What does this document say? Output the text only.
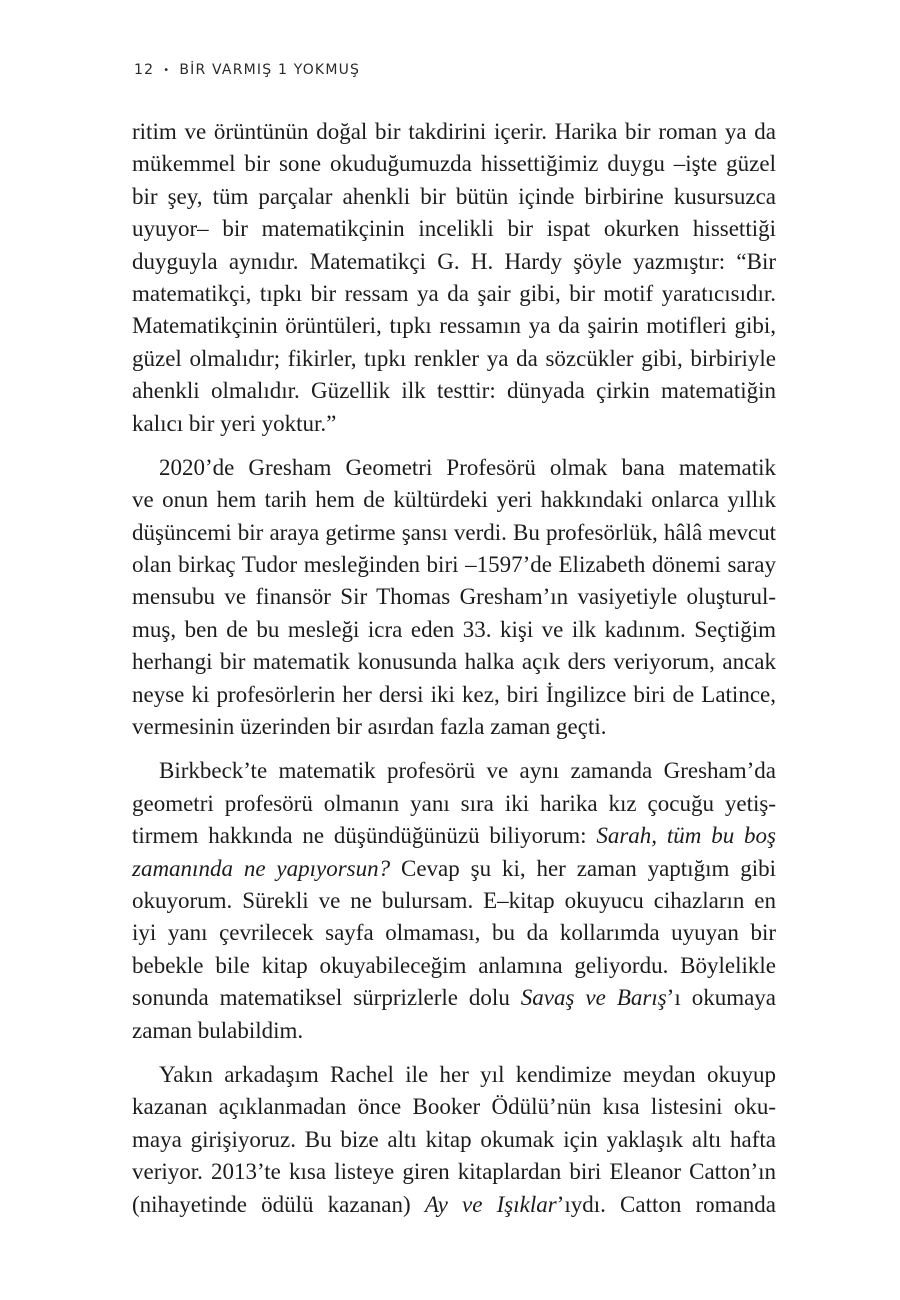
12 • BİR VARMIŞ 1 YOKMUŞ
ritim ve örüntünün doğal bir takdirini içerir. Harika bir roman ya da
mükemmel bir sone okuduğumuzda hissettiğimiz duygu –işte güzel
bir şey, tüm parçalar ahenkli bir bütün içinde birbirine kusursuzca
uyuyor– bir matematikçinin incelikli bir ispat okurken hissettiği
duyguyla aynıdır. Matematikçi G. H. Hardy şöyle yazmıştır: “Bir
matematikçi, tıpkı bir ressam ya da şair gibi, bir motif yaratıcısıdır.
Matematikçinin örüntüleri, tıpkı ressamın ya da şairin motifleri gibi,
güzel olmalıdır; fikirler, tıpkı renkler ya da sözcükler gibi, birbiriyle
ahenkli olmalıdır. Güzellik ilk testtir: dünyada çirkin matematiğin
kalıcı bir yeri yoktur.”
2020’de Gresham Geometri Profesörü olmak bana matematik
ve onun hem tarih hem de kültürdeki yeri hakkındaki onlarca yıllık
düşüncemi bir araya getirme şansı verdi. Bu profesörlük, hâlâ mevcut
olan birkaç Tudor mesleğinden biri –1597’de Elizabeth dönemi saray
mensubu ve finansör Sir Thomas Gresham’ın vasiyetiyle oluşturul-
muş, ben de bu mesleği icra eden 33. kişi ve ilk kadınım. Seçtiğim
herhangi bir matematik konusunda halka açık ders veriyorum, ancak
neyse ki profesörlerin her dersi iki kez, biri İngilizce biri de Latince,
vermesinin üzerinden bir asırdan fazla zaman geçti.
Birkbeck’te matematik profesörü ve aynı zamanda Gresham’da
geometri profesörü olmanın yanı sıra iki harika kız çocuğu yetiş-
tirmem hakkında ne düşündüğünüzü biliyorum: Sarah, tüm bu boş
zamanında ne yapıyorsun? Cevap şu ki, her zaman yaptığım gibi
okuyorum. Sürekli ve ne bulursam. E–kitap okuyucu cihazların en
iyi yanı çevrilecek sayfa olmaması, bu da kollarımda uyuyan bir
bebekle bile kitap okuyabileceğim anlamına geliyordu. Böylelikle
sonunda matematiksel sürprizlerle dolu Savaş ve Barış’ı okumaya
zaman bulabildim.
Yakın arkadaşım Rachel ile her yıl kendimize meydan okuyup
kazanan açıklanmadan önce Booker Ödülü’nün kısa listesini oku-
maya girişiyoruz. Bu bize altı kitap okumak için yaklaşık altı hafta
veriyor. 2013’te kısa listeye giren kitaplardan biri Eleanor Catton’ın
(nihayetinde ödülü kazanan) Ay ve Işıklar’ıydı. Catton romanda
